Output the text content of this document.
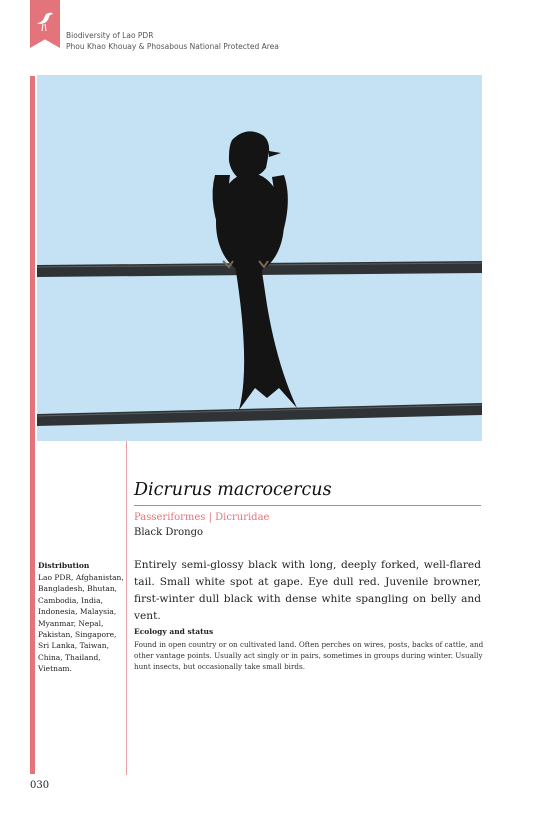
Biodiversity of Lao PDR
Phou Khao Khouay & Phosabous National Protected Area
Dicrurus macrocercus
Passeriformes | Dicruridae
Black Drongo
Entirely semi-glossy black with long, deeply forked, well-flared tail. Small white spot at gape. Eye dull red. Juvenile browner, first-winter dull black with dense white spangling on belly and vent.
Ecology and status
Found in open country or on cultivated land. Often perches on wires, posts, backs of cattle, and other vantage points. Usually act singly or in pairs, sometimes in groups during winter. Usually hunt insects, but occasionally take small birds.
Distribution
Lao PDR, Afghanistan, Bangladesh, Bhutan, Cambodia, India, Indonesia, Malaysia, Myanmar, Nepal, Pakistan, Singapore, Sri Lanka, Taiwan, China, Thailand, Vietnam.
030
